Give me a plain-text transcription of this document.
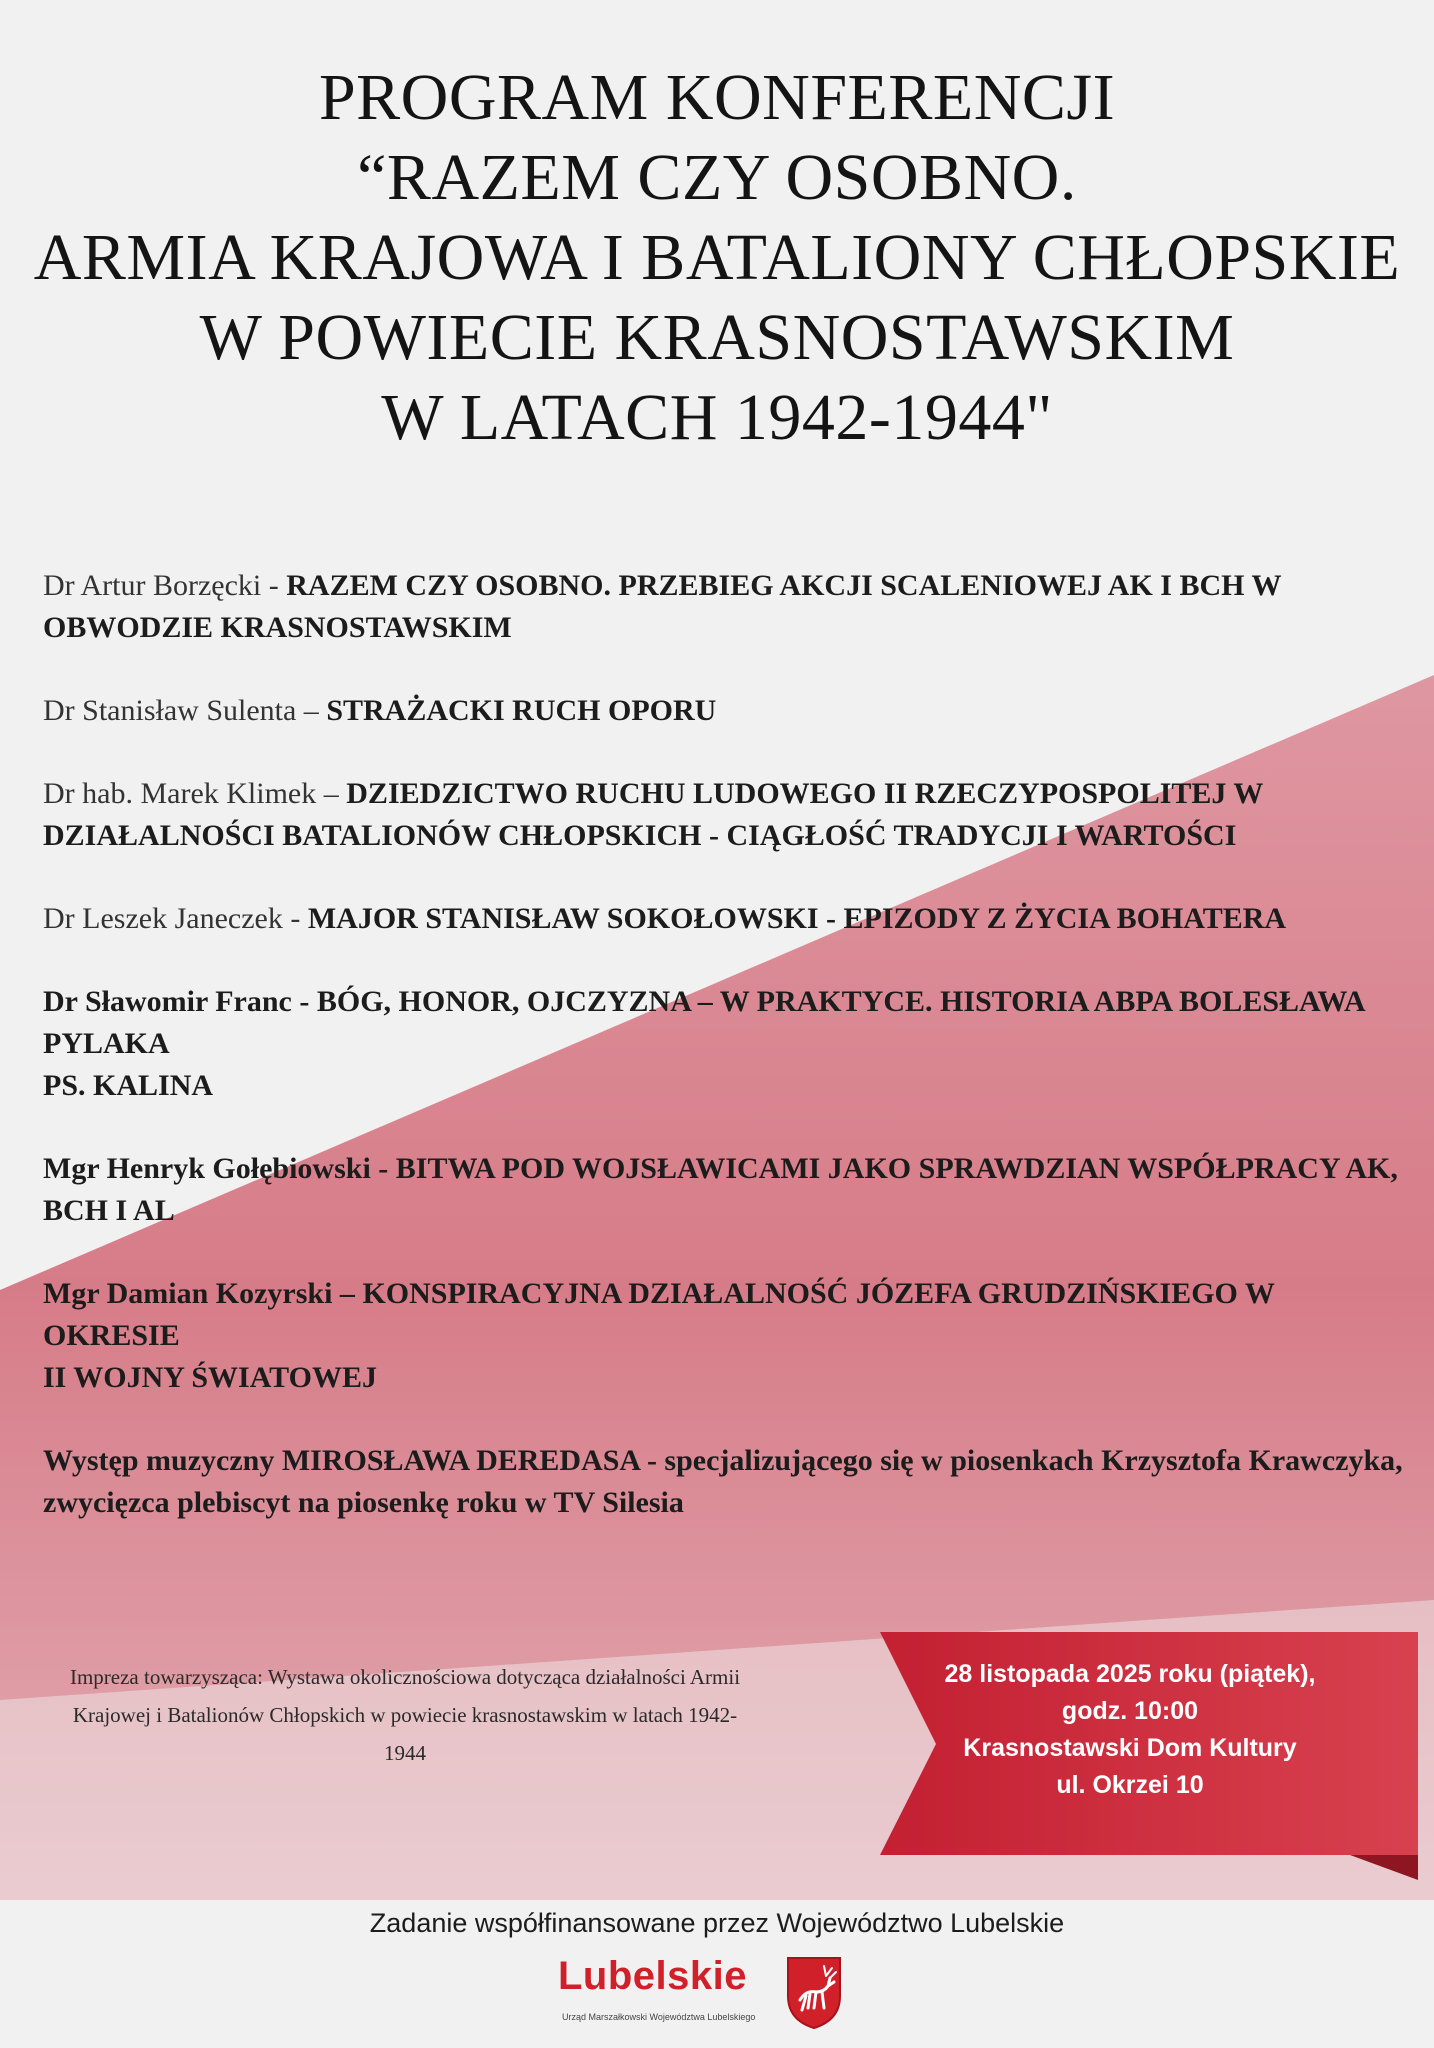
PROGRAM KONFERENCJI
“RAZEM CZY OSOBNO.
ARMIA KRAJOWA I BATALIONY CHŁOPSKIE
W POWIECIE KRASNOSTAWSKIM
W LATACH 1942-1944"
Dr Artur Borzęcki - RAZEM CZY OSOBNO. PRZEBIEG AKCJI SCALENIOWEJ AK I BCH W OBWODZIE KRASNOSTAWSKIM
Dr Stanisław Sulenta – STRAŻACKI RUCH OPORU
Dr hab. Marek Klimek – DZIEDZICTWO RUCHU LUDOWEGO II RZECZYPOSPOLITEJ W DZIAŁALNOŚCI BATALIONÓW CHŁOPSKICH - CIĄGŁOŚĆ TRADYCJI I WARTOŚCI
Dr Leszek Janeczek - MAJOR STANISŁAW SOKOŁOWSKI - EPIZODY Z ŻYCIA BOHATERA
Dr Sławomir Franc - BÓG, HONOR, OJCZYZNA – W PRAKTYCE. HISTORIA ABPA BOLESŁAWA PYLAKA
PS. KALINA
Mgr Henryk Gołębiowski - BITWA POD WOJSŁAWICAMI JAKO SPRAWDZIAN WSPÓŁPRACY AK, BCH I AL
Mgr Damian Kozyrski – KONSPIRACYJNA DZIAŁALNOŚĆ JÓZEFA GRUDZIŃSKIEGO W OKRESIE
II WOJNY ŚWIATOWEJ
Występ muzyczny MIROSŁAWA DEREDASA - specjalizującego się w piosenkach Krzysztofa Krawczyka, zwycięzca plebiscyt na piosenkę roku w TV Silesia
Impreza towarzysząca: Wystawa okolicznościowa dotycząca działalności Armii Krajowej i Batalionów Chłopskich w powiecie krasnostawskim w latach 1942-1944
28 listopada 2025 roku (piątek),
godz. 10:00
Krasnostawski Dom Kultury
ul. Okrzei 10
Zadanie współfinansowane przez Województwo Lubelskie
Lubelskie
Urząd Marszałkowski Województwa Lubelskiego
